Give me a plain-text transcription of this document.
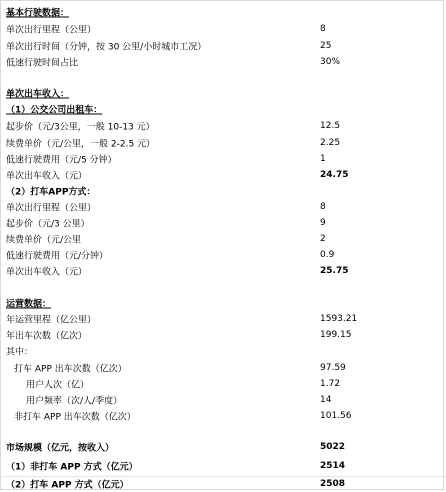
基本行驶数据：
单次出行里程（公里）	8
单次出行时间（分钟，按 30 公里/小时城市工况）	25
低速行驶时间占比	30%
单次出车收入：
（1）公交公司出租车：
起步价（元/3公里，一般 10-13 元）	12.5
续费单价（元/公里，一般 2-2.5 元）	2.25
低速行驶费用（元/5 分钟）	1
单次出车收入（元）	24.75
（2）打车APP方式：
单次出行里程（公里）	8
起步价（元/3 公里）	9
续费单价（元/公里	2
低速行驶费用（元/分钟）	0.9
单次出车收入（元）	25.75
运营数据：
年运营里程（亿公里）	1593.21
年出车次数（亿次）	199.15
其中：
打车 APP 出车次数（亿次）	97.59
用户人次（亿）	1.72
用户频率（次/人/季度）	14
非打车 APP 出车次数（亿次）	101.56
市场规模（亿元，按收入）	5022
（1）非打车 APP 方式（亿元）	2514
（2）打车 APP 方式（亿元）	2508
